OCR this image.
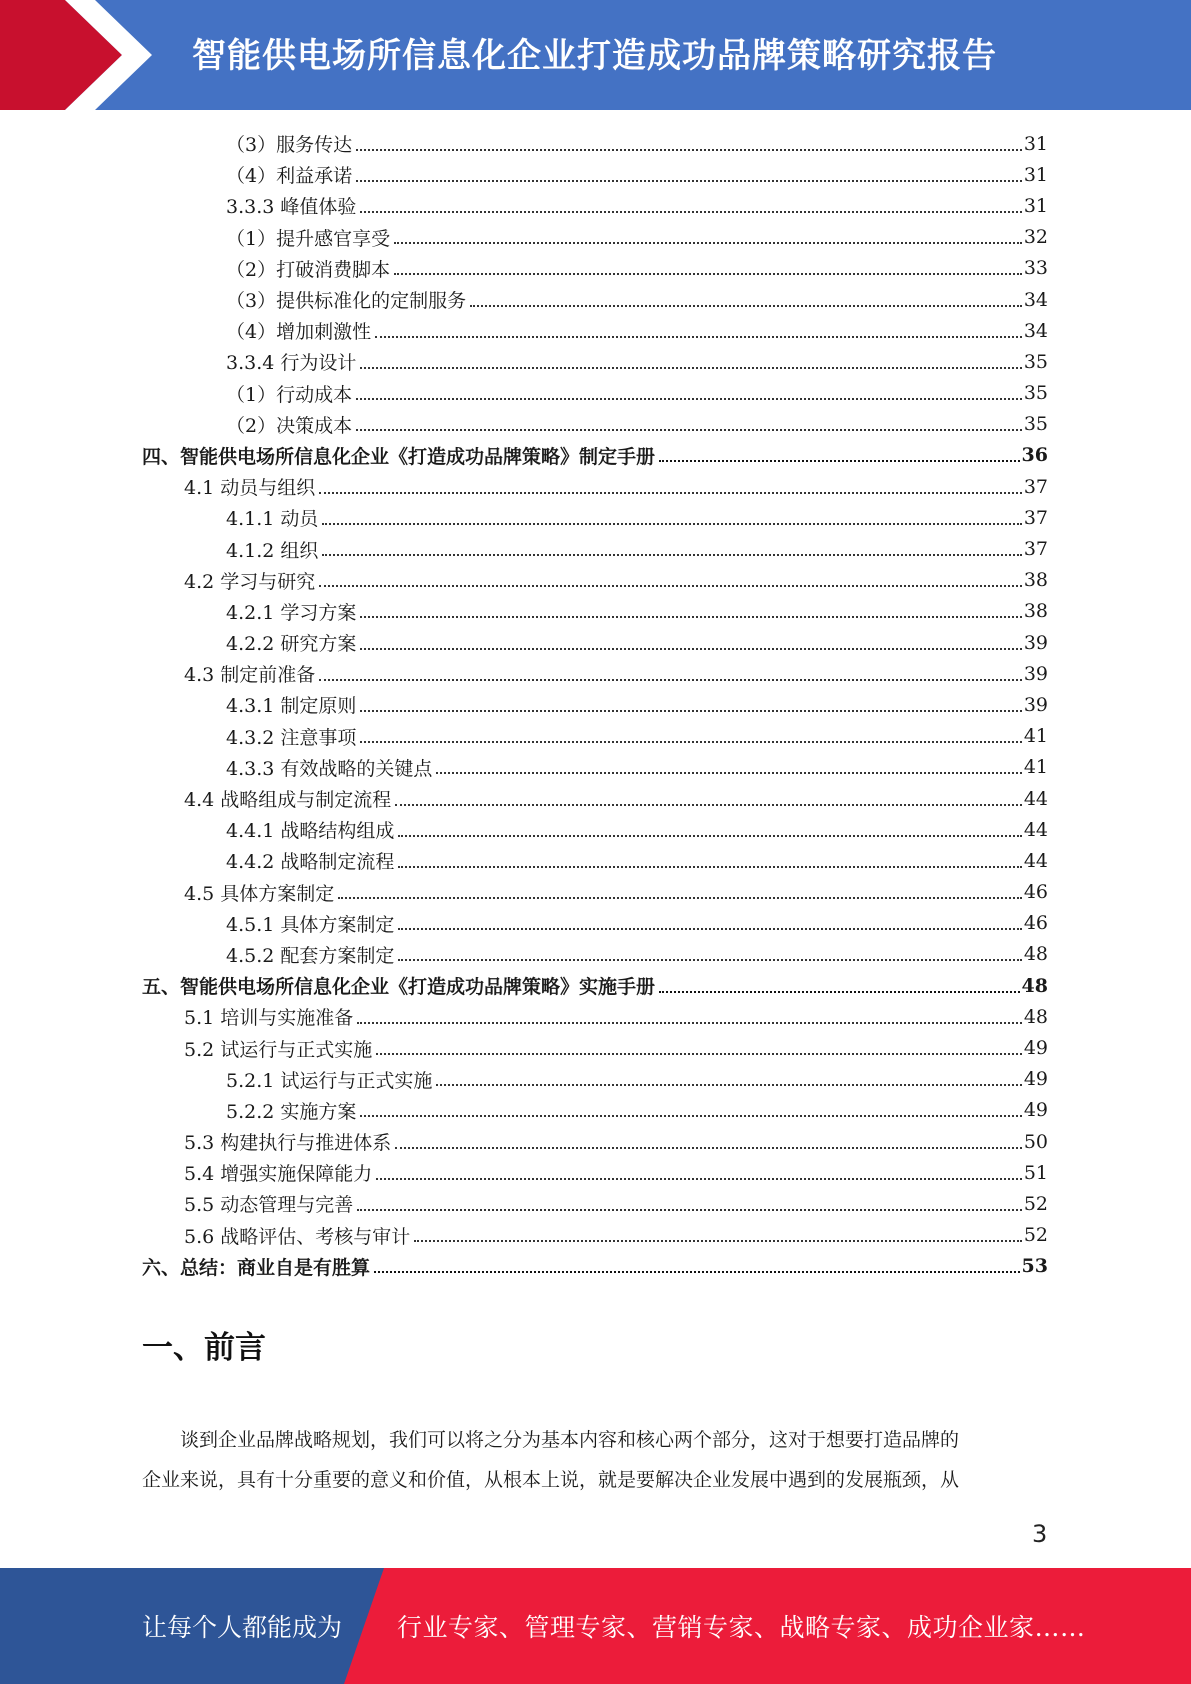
智能供电场所信息化企业打造成功品牌策略研究报告
（3）服务传达	31
（4）利益承诺	31
3.3.3 峰值体验	31
（1）提升感官享受	32
（2）打破消费脚本	33
（3）提供标准化的定制服务	34
（4）增加刺激性	34
3.3.4 行为设计	35
（1）行动成本	35
（2）决策成本	35
四、智能供电场所信息化企业《打造成功品牌策略》制定手册	36
4.1 动员与组织	37
4.1.1 动员	37
4.1.2 组织	37
4.2 学习与研究	38
4.2.1 学习方案	38
4.2.2 研究方案	39
4.3 制定前准备	39
4.3.1 制定原则	39
4.3.2 注意事项	41
4.3.3 有效战略的关键点	41
4.4 战略组成与制定流程	44
4.4.1 战略结构组成	44
4.4.2 战略制定流程	44
4.5 具体方案制定	46
4.5.1 具体方案制定	46
4.5.2 配套方案制定	48
五、智能供电场所信息化企业《打造成功品牌策略》实施手册	48
5.1 培训与实施准备	48
5.2 试运行与正式实施	49
5.2.1 试运行与正式实施	49
5.2.2 实施方案	49
5.3 构建执行与推进体系	50
5.4 增强实施保障能力	51
5.5 动态管理与完善	52
5.6 战略评估、考核与审计	52
六、总结：商业自是有胜算	53
一、前言
谈到企业品牌战略规划，我们可以将之分为基本内容和核心两个部分，这对于想要打造品牌的
企业来说，具有十分重要的意义和价值，从根本上说，就是要解决企业发展中遇到的发展瓶颈，从
3
让每个人都能成为 行业专家、管理专家、营销专家、战略专家、成功企业家……
